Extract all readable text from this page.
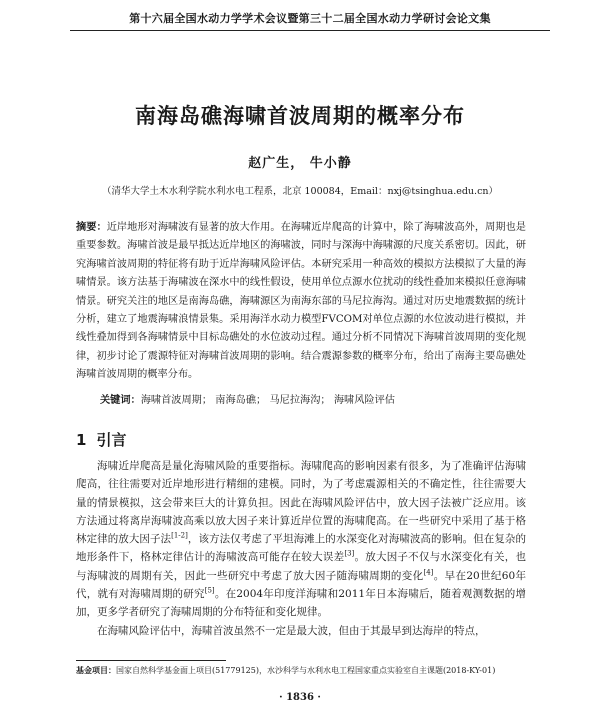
第十六届全国水动力学学术会议暨第三十二届全国水动力学研讨会论文集
南海岛礁海啸首波周期的概率分布
赵广生， 牛小静
（清华大学土木水利学院水利水电工程系，北京 100084，Email：nxj@tsinghua.edu.cn）
摘要：近岸地形对海啸波有显著的放大作用。在海啸近岸爬高的计算中，除了海啸波高外，周期也是重要参数。海啸首波是最早抵达近岸地区的海啸波，同时与深海中海啸源的尺度关系密切。因此，研究海啸首波周期的特征将有助于近岸海啸风险评估。本研究采用一种高效的模拟方法模拟了大量的海啸情景。该方法基于海啸波在深水中的线性假设，使用单位点源水位扰动的线性叠加来模拟任意海啸情景。研究关注的地区是南海岛礁，海啸源区为南海东部的马尼拉海沟。通过对历史地震数据的统计分析，建立了地震海啸浪情景集。采用海洋水动力模型FVCOM对单位点源的水位波动进行模拟，并线性叠加得到各海啸情景中目标岛礁处的水位波动过程。通过分析不同情况下海啸首波周期的变化规律，初步讨论了震源特征对海啸首波周期的影响。结合震源参数的概率分布，给出了南海主要岛礁处海啸首波周期的概率分布。
关键词：海啸首波周期； 南海岛礁； 马尼拉海沟； 海啸风险评估
1 引言

海啸近岸爬高是量化海啸风险的重要指标。海啸爬高的影响因素有很多，为了准确评估海啸爬高，往往需要对近岸地形进行精细的建模。同时，为了考虑震源相关的不确定性，往往需要大量的情景模拟，这会带来巨大的计算负担。因此在海啸风险评估中，放大因子法被广泛应用。该方法通过将离岸海啸波高乘以放大因子来计算近岸位置的海啸爬高。在一些研究中采用了基于格林定律的放大因子法[1-2]，该方法仅考虑了平坦海滩上的水深变化对海啸波高的影响。但在复杂的地形条件下，格林定律估计的海啸波高可能存在较大误差[3]。放大因子不仅与水深变化有关，也与海啸波的周期有关，因此一些研究中考虑了放大因子随海啸周期的变化[4]。早在20世纪60年代，就有对海啸周期的研究[5]。在2004年印度洋海啸和2011年日本海啸后，随着观测数据的增加，更多学者研究了海啸周期的分布特征和变化规律。

在海啸风险评估中，海啸首波虽然不一定是最大波，但由于其最早到达海岸的特点，

基金项目：国家自然科学基金面上项目(51779125)，水沙科学与水利水电工程国家重点实验室自主课题(2018-KY-01)
· 1836 ·
